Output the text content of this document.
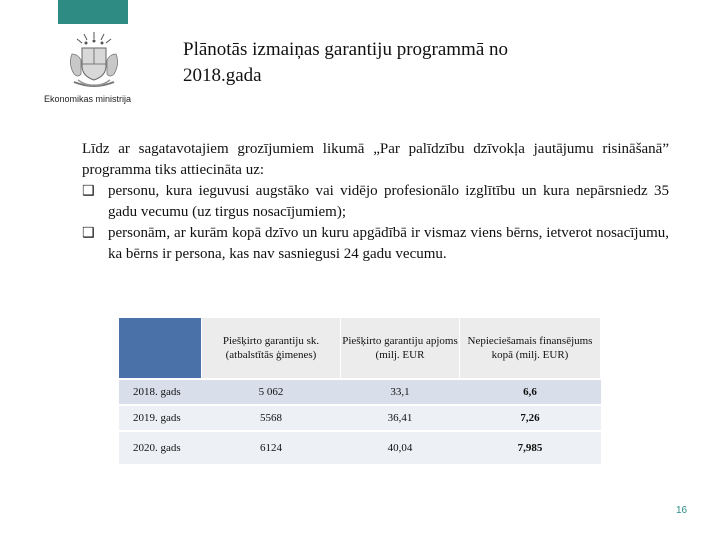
Ekonomikas ministrija
Plānotās izmaiņas garantiju programmā no
2018.gada

Līdz ar sagatavotajiem grozījumiem likumā „Par palīdzību dzīvokļa jautājumu risināšanā” programma tiks attiecināta uz:

❑ personu, kura ieguvusi augstāko vai vidējo profesionālo izglītību un kura nepārsniedz 35 gadu vecumu (uz tirgus nosacījumiem);
❑ personām, ar kurām kopā dzīvo un kuru apgādībā ir vismaz viens bērns, ietverot nosacījumu, ka bērns ir persona, kas nav sasniegusi 24 gadu vecumu.
	Piešķirto garantiju sk. (atbalstītās ģimenes)	Piešķirto garantiju apjoms (milj. EUR	Nepieciešamais finansējums kopā (milj. EUR)
2018. gads	5 062	33,1	6,6
2019. gads	5568	36,41	7,26
2020. gads	6124	40,04	7,985
16
